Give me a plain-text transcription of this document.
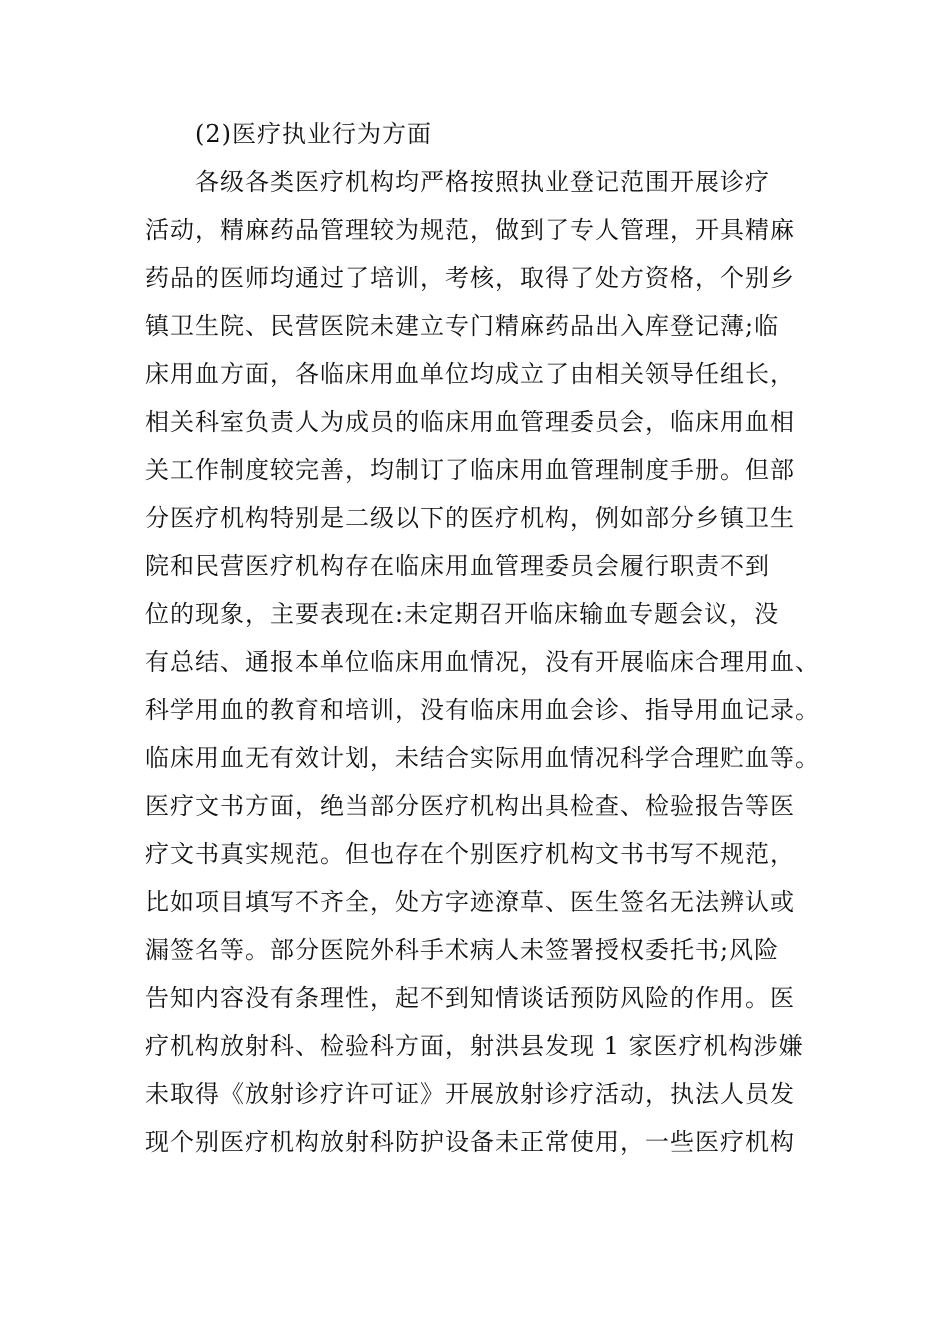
(2)医疗执业行为方面
各级各类医疗机构均严格按照执业登记范围开展诊疗
活动，精麻药品管理较为规范，做到了专人管理，开具精麻
药品的医师均通过了培训，考核，取得了处方资格，个别乡
镇卫生院、民营医院未建立专门精麻药品出入库登记薄;临
床用血方面，各临床用血单位均成立了由相关领导任组长，
相关科室负责人为成员的临床用血管理委员会，临床用血相
关工作制度较完善，均制订了临床用血管理制度手册。但部
分医疗机构特别是二级以下的医疗机构，例如部分乡镇卫生
院和民营医疗机构存在临床用血管理委员会履行职责不到
位的现象，主要表现在:未定期召开临床输血专题会议，没
有总结、通报本单位临床用血情况，没有开展临床合理用血、
科学用血的教育和培训，没有临床用血会诊、指导用血记录。
临床用血无有效计划，未结合实际用血情况科学合理贮血等。
医疗文书方面，绝当部分医疗机构出具检查、检验报告等医
疗文书真实规范。但也存在个别医疗机构文书书写不规范，
比如项目填写不齐全，处方字迹潦草、医生签名无法辨认或
漏签名等。部分医院外科手术病人未签署授权委托书;风险
告知内容没有条理性，起不到知情谈话预防风险的作用。医
疗机构放射科、检验科方面，射洪县发现 1 家医疗机构涉嫌
未取得《放射诊疗许可证》开展放射诊疗活动，执法人员发
现个别医疗机构放射科防护设备未正常使用，一些医疗机构
